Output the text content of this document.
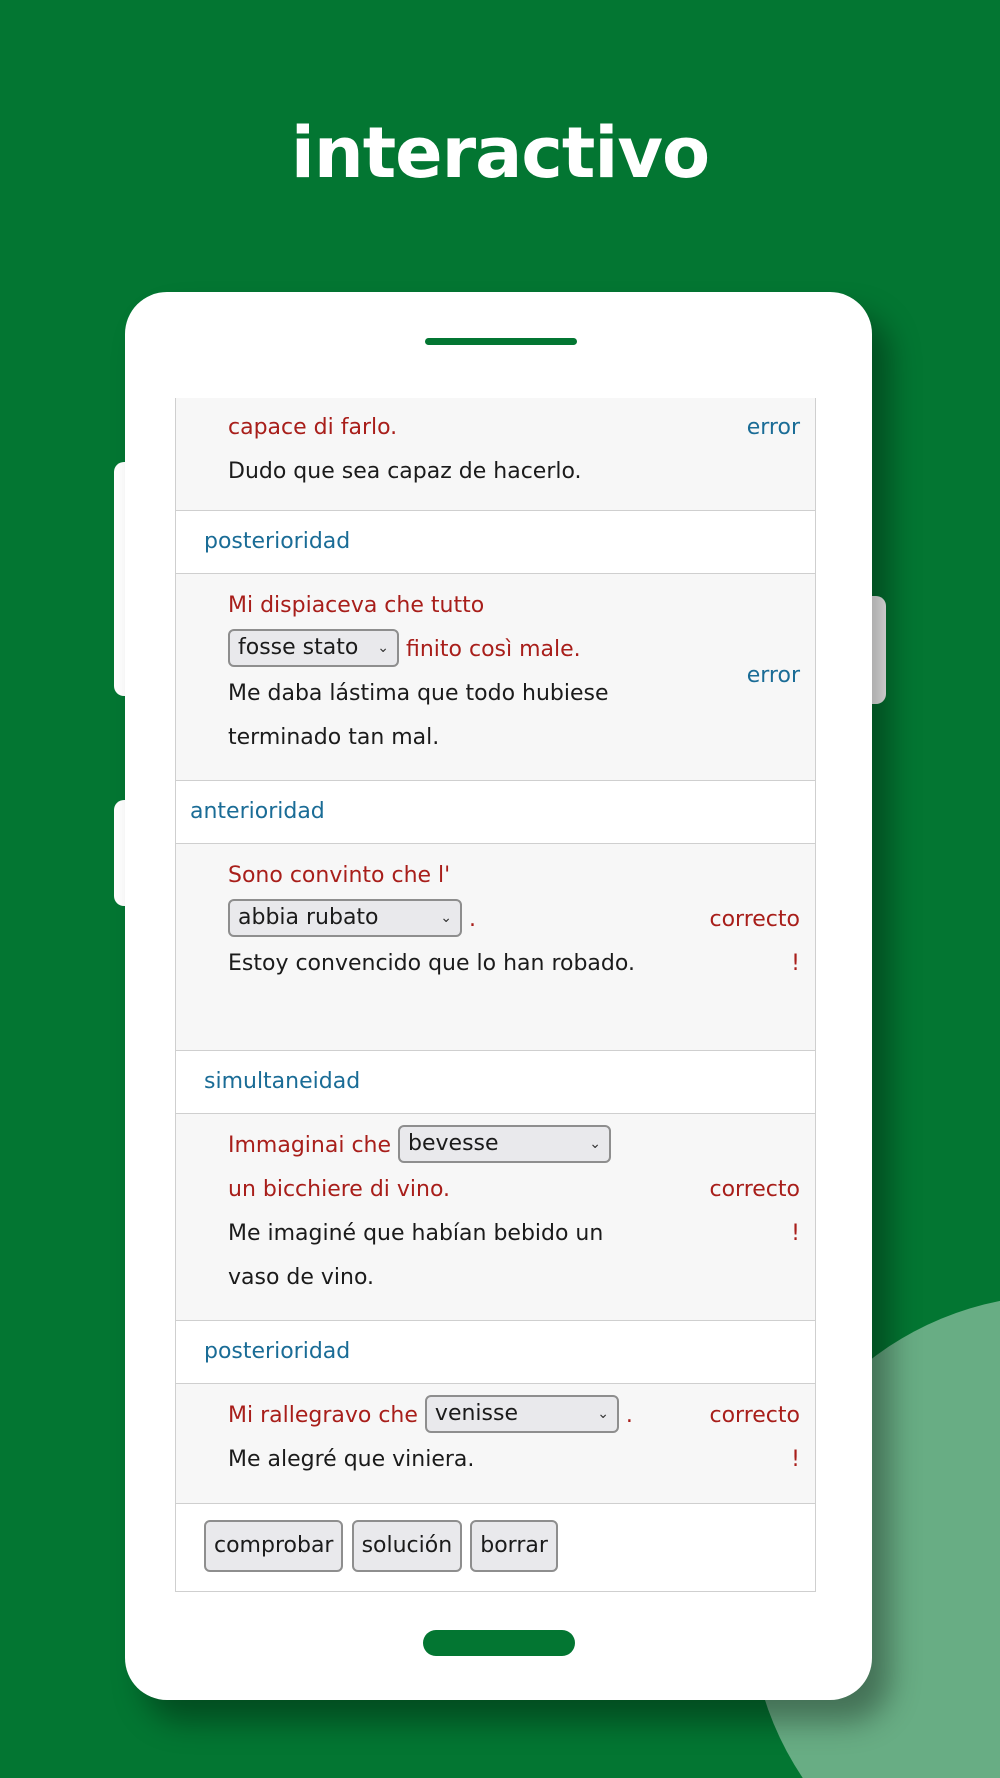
interactivo
capace di farlo.
Dudo que sea capaz de hacerlo.
error
posterioridad
Mi dispiaceva che tutto
fosse stato ⌄ finito così male.
Me daba lástima que todo hubiese terminado tan mal.
error
anterioridad
Sono convinto che l'
abbia rubato	⌄ .
Estoy convencido que lo han robado.
correcto
!
simultaneidad
Immaginai che bevesse	⌄
un bicchiere di vino.
Me imaginé que habían bebido un vaso de vino.
correcto
!
posterioridad
Mi rallegravo che venisse	⌄ .
Me alegré que viniera.
correcto
!
comprobar solución borrar
